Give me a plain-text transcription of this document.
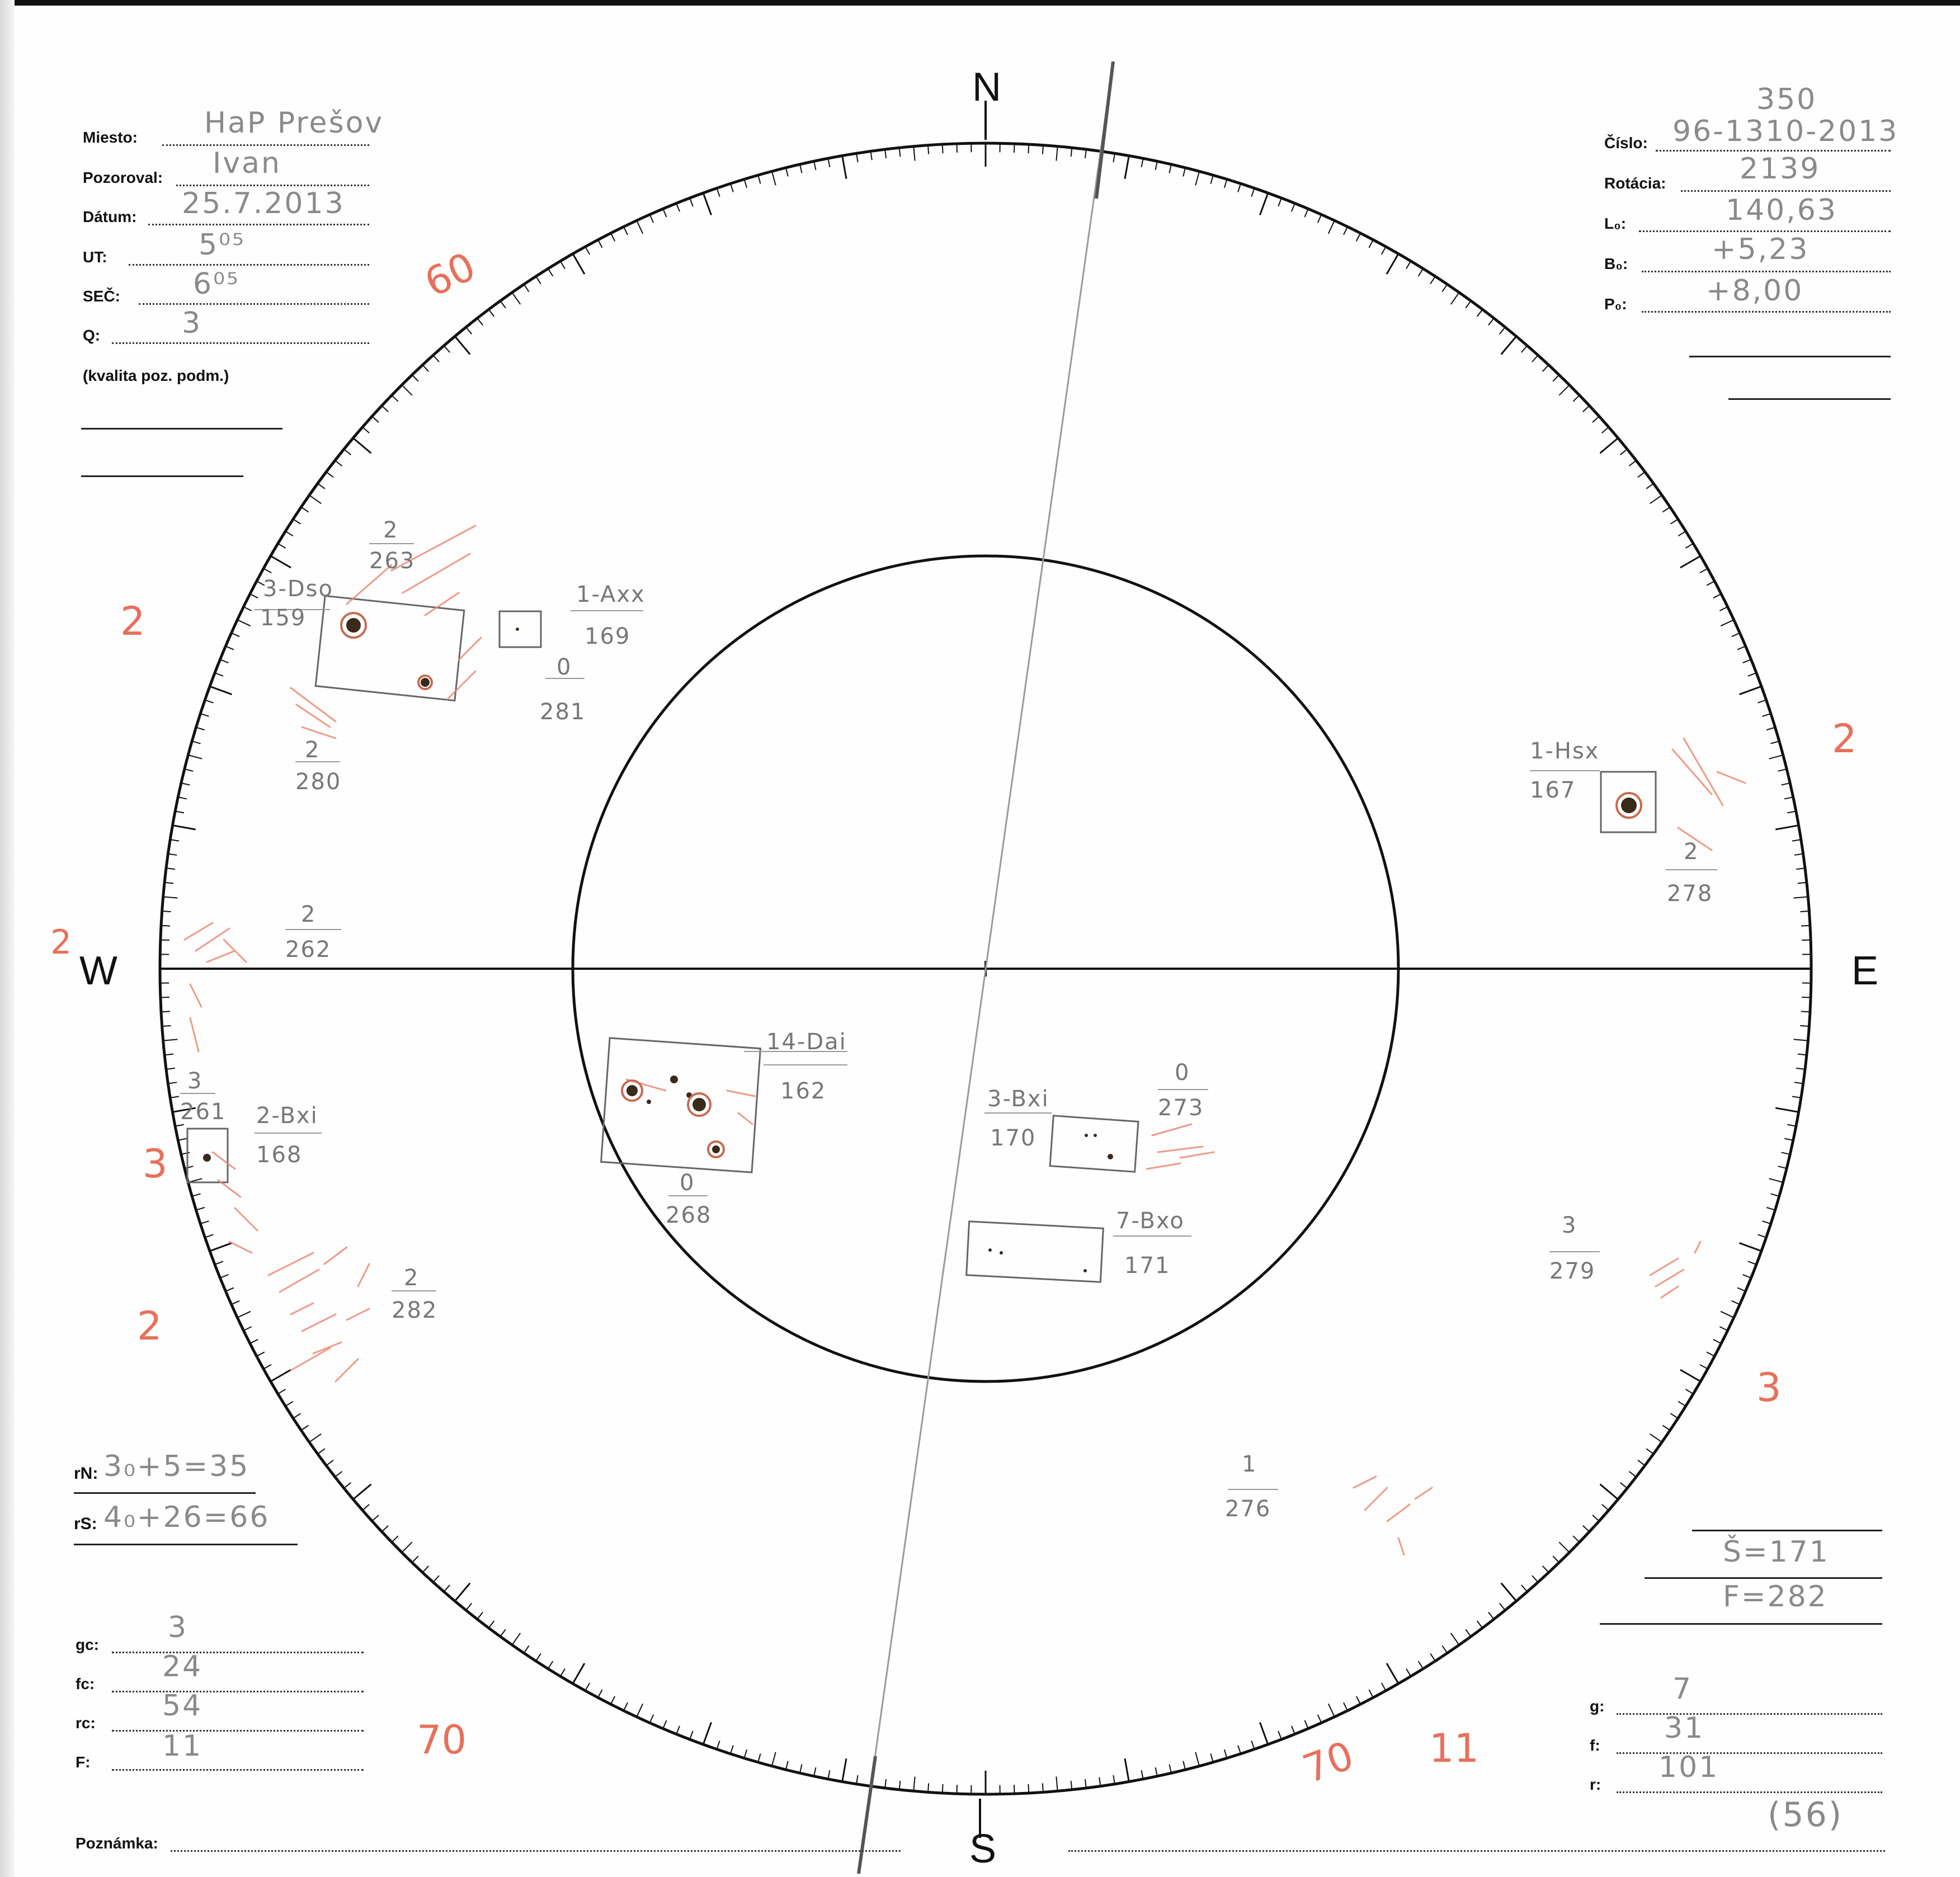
N
S
E
W
Miesto: HaP Prešov
Pozoroval: Ivan
Dátum: 25.7.2013
UT:	5⁰⁵
SEČ:	6⁰⁵
Q:	3
(kvalita poz. podm.)
350
Číslo: 96-1310-2013
Rotácia:	2139
L₀:	140,63
B₀:	+5,23
P₀:	+8,00
3-Dso
159
2
263
1-Axx
169
0
281
2
280
1-Hsx
167
2
278
2
262
14-Dai
162
0
268
3-Bxi
170
0
273
2-Bxi
168
3
261
7-Bxo
171
2
282
3
279
1
276
60
2
2
3
2
2
3
70	70 11
rN: 3₀+5=35
rS: 4₀+26=66
gc:
3
fc:
24
rc:
54
F: 11
Š=171
F=282
g:
7
f:
31
r:
101
(56)
Poznámka:
